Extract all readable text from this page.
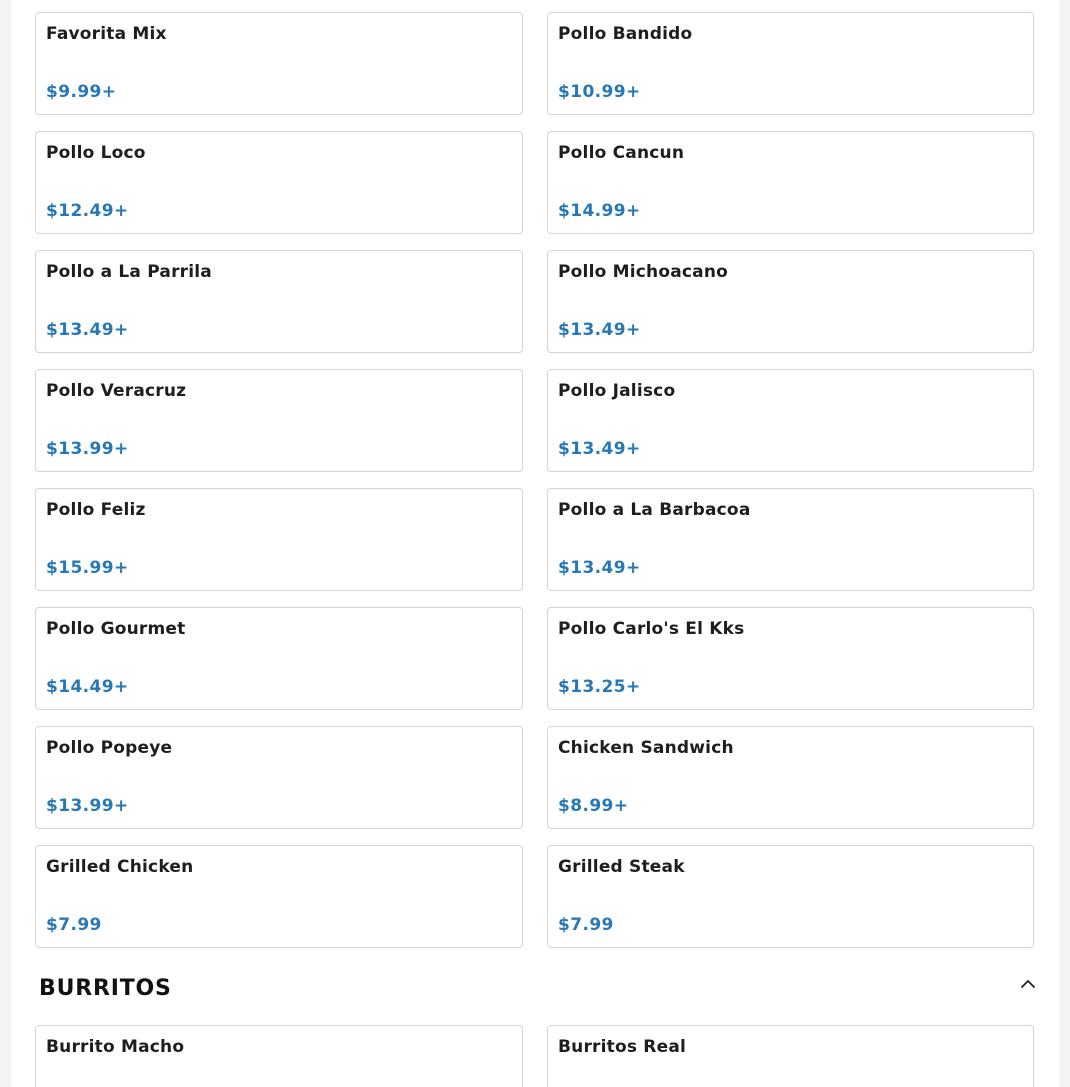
Favorita Mix
$9.99+
Pollo Bandido
$10.99+
Pollo Loco
$12.49+
Pollo Cancun
$14.99+
Pollo a La Parrila
$13.49+
Pollo Michoacano
$13.49+
Pollo Veracruz
$13.99+
Pollo Jalisco
$13.49+
Pollo Feliz
$15.99+
Pollo a La Barbacoa
$13.49+
Pollo Gourmet
$14.49+
Pollo Carlo's El Kks
$13.25+
Pollo Popeye
$13.99+
Chicken Sandwich
$8.99+
Grilled Chicken
$7.99
Grilled Steak
$7.99
BURRITOS
Burrito Macho	Burritos Real
